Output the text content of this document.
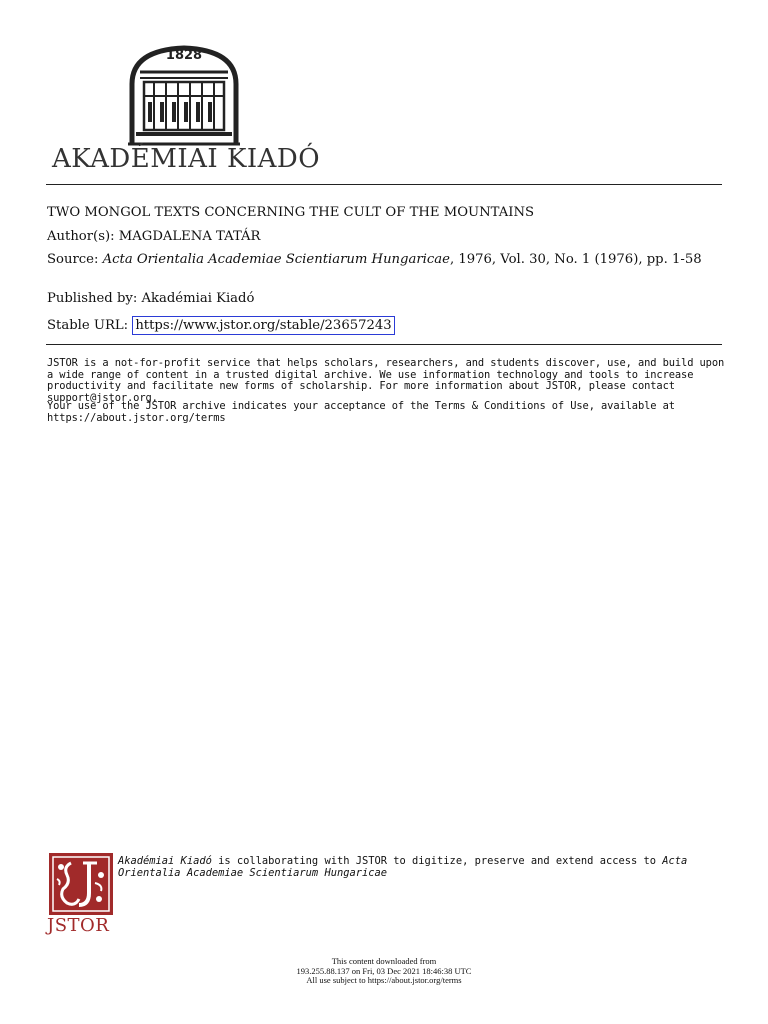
1828
AKADÉMIAI KIADÓ
TWO MONGOL TEXTS CONCERNING THE CULT OF THE MOUNTAINS
Author(s): MAGDALENA TATÁR
Source: Acta Orientalia Academiae Scientiarum Hungaricae, 1976, Vol. 30, No. 1 (1976), pp. 1-58
Published by: Akadémiai Kiadó
Stable URL: https://www.jstor.org/stable/23657243
JSTOR is a not-for-profit service that helps scholars, researchers, and students discover, use, and build upon a wide range of content in a trusted digital archive. We use information technology and tools to increase productivity and facilitate new forms of scholarship. For more information about JSTOR, please contact support@jstor.org.
Your use of the JSTOR archive indicates your acceptance of the Terms & Conditions of Use, available at https://about.jstor.org/terms
JSTOR
Akadémiai Kiadó is collaborating with JSTOR to digitize, preserve and extend access to Acta Orientalia Academiae Scientiarum Hungaricae
This content downloaded from
193.255.88.137 on Fri, 03 Dec 2021 18:46:38 UTC
All use subject to https://about.jstor.org/terms
